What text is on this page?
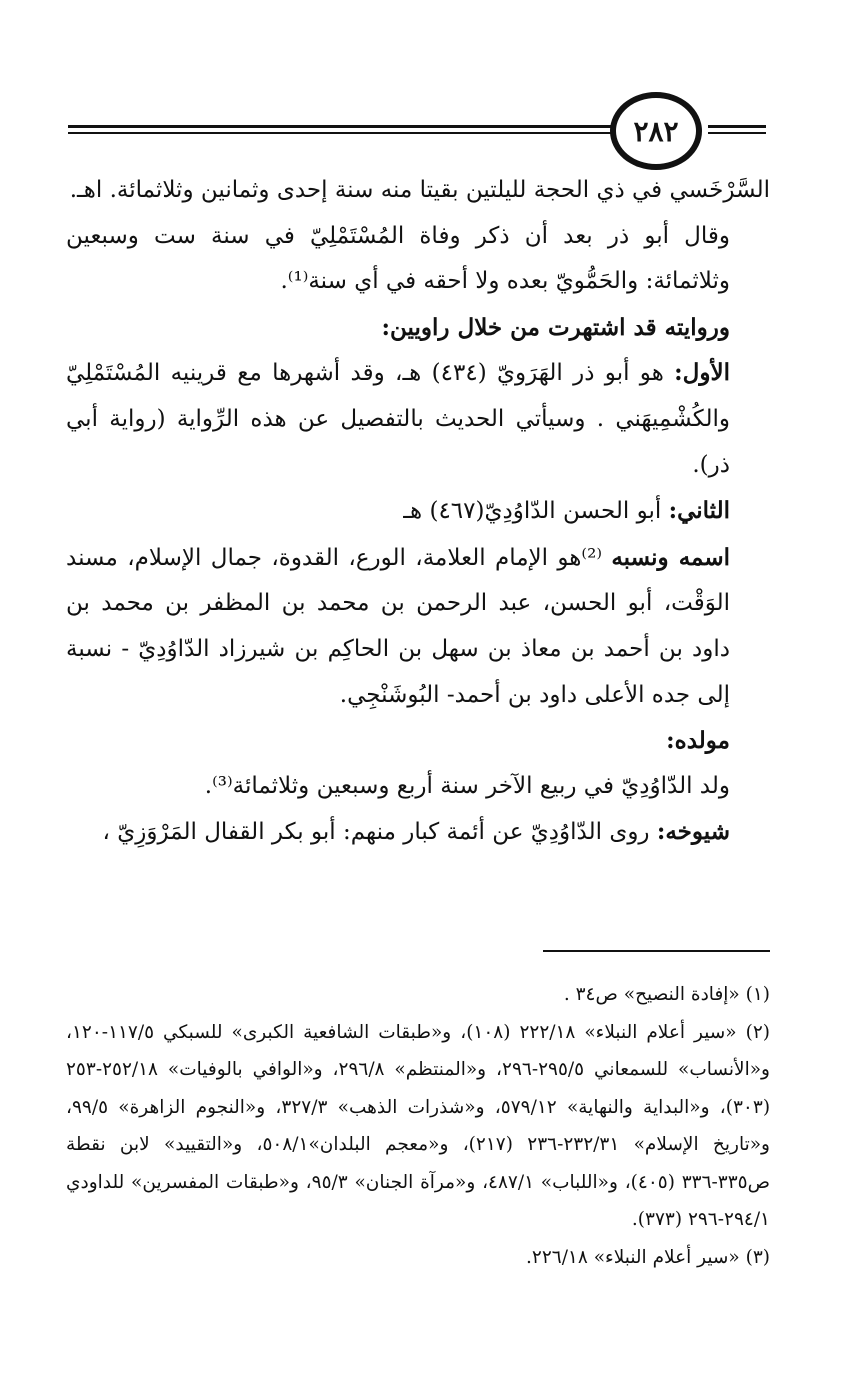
٢٨٢

السَّرْخَسي في ذي الحجة لليلتين بقيتا منه سنة إحدى وثمانين وثلاثمائة. اهـ.

وقال أبو ذر بعد أن ذكر وفاة المُسْتَمْلِيّ في سنة ست وسبعين وثلاثمائة: والحَمُّويّ بعده ولا أحقه في أي سنة⁽¹⁾.

وروايته قد اشتهرت من خلال راويين:

الأول: هو أبو ذر الهَرَويّ (٤٣٤) هـ، وقد أشهرها مع قرينيه المُسْتَمْلِيّ والكُشْمِيهَني . وسيأتي الحديث بالتفصيل عن هذه الرِّواية (رواية أبي ذر).

الثاني: أبو الحسن الدّاوُدِيّ(٤٦٧) هـ

اسمه ونسبه ⁽²⁾هو الإمام العلامة، الورع، القدوة، جمال الإسلام، مسند الوَقْت، أبو الحسن، عبد الرحمن بن محمد بن المظفر بن محمد بن داود بن أحمد بن معاذ بن سهل بن الحاكِم بن شيرزاد الدّاوُدِيّ - نسبة إلى جده الأعلى داود بن أحمد- البُوشَنْجِي.

مولده:

ولد الدّاوُدِيّ في ربيع الآخر سنة أربع وسبعين وثلاثمائة⁽³⁾.

شيوخه: روى الدّاوُدِيّ عن أئمة كبار منهم: أبو بكر القفال المَرْوَزِيّ ،

(١) «إفادة النصيح» ص٣٤ .

(٢) «سير أعلام النبلاء» ٢٢٢/١٨ (١٠٨)، و«طبقات الشافعية الكبرى» للسبكي ١١٧/٥-١٢٠، و«الأنساب» للسمعاني ٢٩٥/٥-٢٩٦، و«المنتظم» ٢٩٦/٨، و«الوافي بالوفيات» ٢٥٢/١٨-٢٥٣ (٣٠٣)، و«البداية والنهاية» ٥٧٩/١٢، و«شذرات الذهب» ٣٢٧/٣، و«النجوم الزاهرة» ٩٩/٥، و«تاريخ الإسلام» ٢٣٢/٣١-٢٣٦ (٢١٧)، و«معجم البلدان»٥٠٨/١، و«التقييد» لابن نقطة ص٣٣٥-٣٣٦ (٤٠٥)، و«اللباب» ٤٨٧/١، و«مرآة الجنان» ٩٥/٣، و«طبقات المفسرين» للداودي ٢٩٤/١-٢٩٦ (٣٧٣).

(٣) «سير أعلام النبلاء» ٢٢٦/١٨.
